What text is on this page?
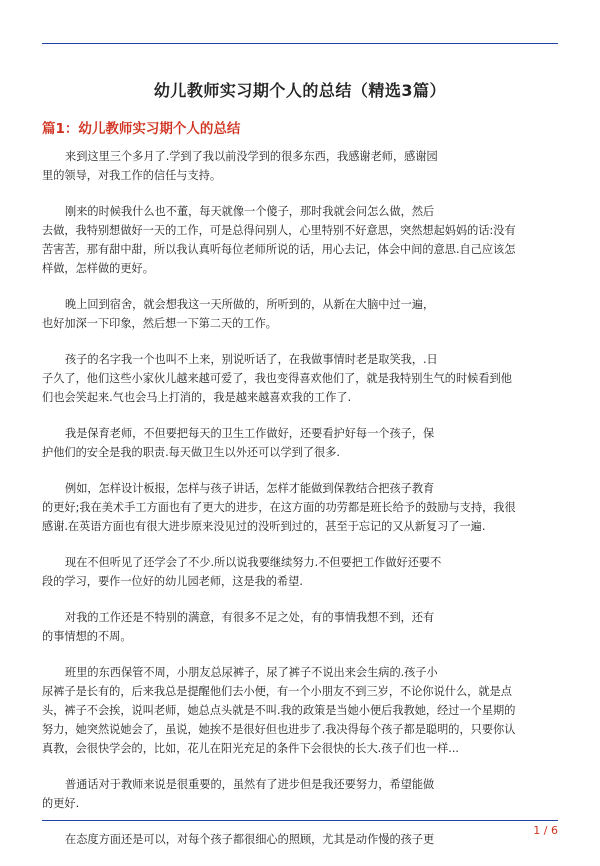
幼儿教师实习期个人的总结（精选3篇）
篇1：幼儿教师实习期个人的总结
来到这里三个多月了.学到了我以前没学到的很多东西，我感谢老师，感谢园
里的领导，对我工作的信任与支持。
刚来的时候我什么也不董，每天就像一个傻子，那时我就会问怎么做，然后
去做，我特别想做好一天的工作，可是总得问别人，心里特别不好意思，突然想起妈妈的话:没有
苦害苦，那有甜中甜，所以我认真听每位老师所说的话，用心去记，体会中间的意思.自己应该怎
样做，怎样做的更好。
晚上回到宿舍，就会想我这一天所做的，所听到的，从新在大脑中过一遍，
也好加深一下印象，然后想一下第二天的工作。
孩子的名字我一个也叫不上来，别说听话了，在我做事情时老是取笑我，.日
子久了，他们这些小家伙儿越来越可爱了，我也变得喜欢他们了，就是我特别生气的时候看到他
们也会笑起来.气也会马上打消的，我是越来越喜欢我的工作了.
我是保育老师，不但要把每天的卫生工作做好，还要看护好每一个孩子，保
护他们的安全是我的职责.每天做卫生以外还可以学到了很多.
例如，怎样设计板报，怎样与孩子讲话，怎样才能做到保教结合把孩子教育
的更好;我在美术手工方面也有了更大的进步，在这方面的功劳都是班长给予的鼓励与支持，我很
感谢.在英语方面也有很大进步原来没见过的没听到过的，甚至于忘记的又从新复习了一遍.
现在不但听见了还学会了不少.所以说我要继续努力.不但要把工作做好还要不
段的学习，要作一位好的幼儿园老师，这是我的希望.
对我的工作还是不特别的满意，有很多不足之处，有的事情我想不到，还有
的事情想的不周。
班里的东西保管不周，小朋友总尿裤子，尿了裤子不说出来会生病的.孩子小
尿裤子是长有的，后来我总是提醒他们去小便，有一个小朋友不到三岁，不论你说什么，就是点
头，裤子不会挨，说叫老师，她总点头就是不叫.我的政策是当她小便后我教她，经过一个星期的
努力，她突然说她会了，虽说，她挨不是很好但也进步了.我决得每个孩子都是聪明的，只要你认
真教，会很快学会的，比如，花儿在阳光充足的条件下会很快的长大.孩子们也一样...
普通话对于教师来说是很重要的，虽然有了进步但是我还要努力，希望能做
的更好.
在态度方面还是可以，对每个孩子都很细心的照顾，尤其是动作慢的孩子更
1 / 6
